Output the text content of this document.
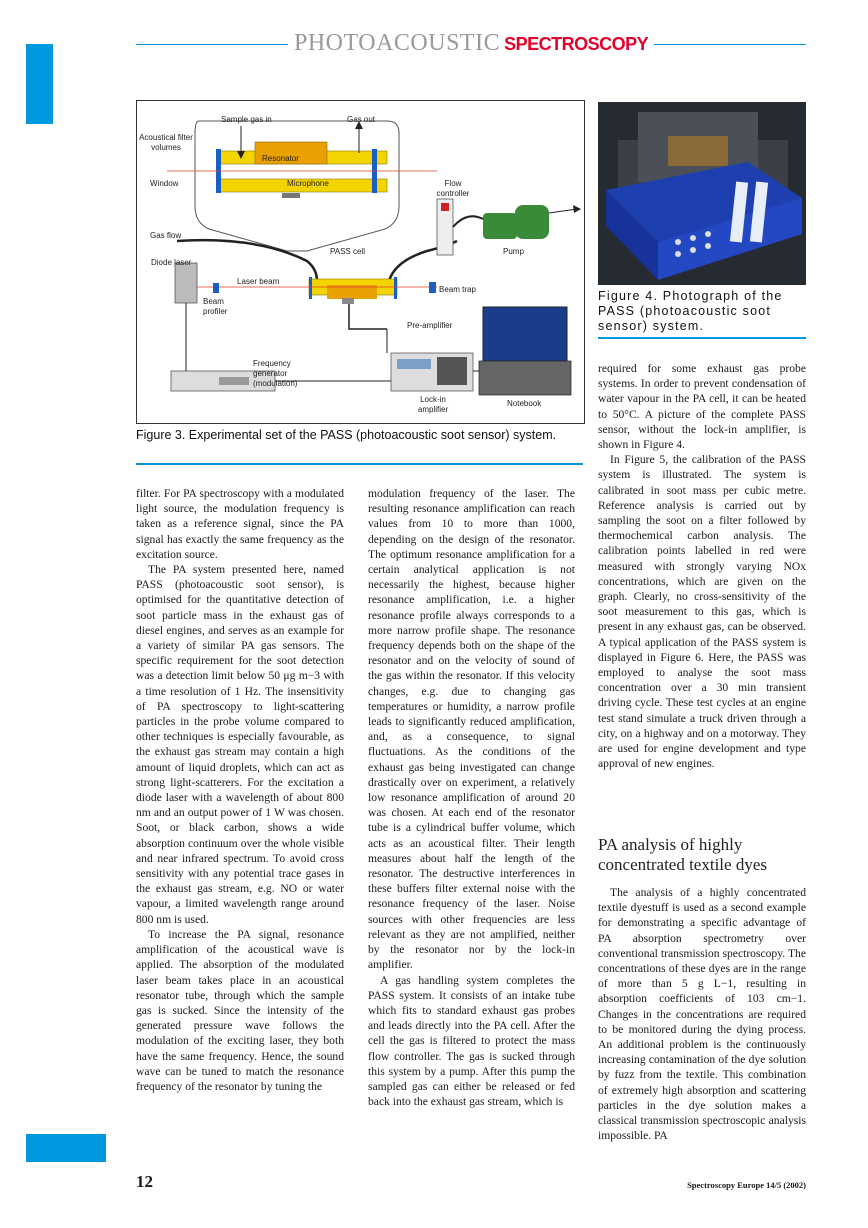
PHOTOACOUSTIC SPECTROSCOPY
Sample gas in	Gas out
Acoustical filter volumes
Resonator
Window	Microphone	Flow controller
Gas flow
PASS cell	Pump
Diode laser
Laser beam
Beam trap
Beam profiler
Pre-amplifier
Frequency generator (modulation)
Lock-in amplifier
Notebook
Figure 3. Experimental set of the PASS (photoacoustic soot sensor) system.
Figure 4. Photograph of the PASS (photoacoustic soot sensor) system.

filter. For PA spectroscopy with a modulated light source, the modulation frequency is taken as a reference signal, since the PA signal has exactly the same frequency as the excitation source.

The PA system presented here, named PASS (photoacoustic soot sensor), is optimised for the quantitative detection of soot particle mass in the exhaust gas of diesel engines, and serves as an example for a variety of similar PA gas sensors. The specific requirement for the soot detection was a detection limit below 50 μg m−3 with a time resolution of 1 Hz. The insensitivity of PA spectroscopy to light-scattering particles in the probe volume compared to other techniques is especially favourable, as the exhaust gas stream may contain a high amount of liquid droplets, which can act as strong light-scatterers. For the excitation a diode laser with a wavelength of about 800 nm and an output power of 1 W was chosen. Soot, or black carbon, shows a wide absorption continuum over the whole visible and near infrared spectrum. To avoid cross sensitivity with any potential trace gases in the exhaust gas stream, e.g. NO or water vapour, a limited wavelength range around 800 nm is used.

To increase the PA signal, resonance amplification of the acoustical wave is applied. The absorption of the modulated laser beam takes place in an acoustical resonator tube, through which the sample gas is sucked. Since the intensity of the generated pressure wave follows the modulation of the exciting laser, they both have the same frequency. Hence, the sound wave can be tuned to match the resonance frequency of the resonator by tuning the

modulation frequency of the laser. The resulting resonance amplification can reach values from 10 to more than 1000, depending on the design of the resonator. The optimum resonance amplification for a certain analytical application is not necessarily the highest, because higher resonance amplification, i.e. a higher resonance profile always corresponds to a more narrow profile shape. The resonance frequency depends both on the shape of the resonator and on the velocity of sound of the gas within the resonator. If this velocity changes, e.g. due to changing gas temperatures or humidity, a narrow profile leads to significantly reduced amplification, and, as a consequence, to signal fluctuations. As the conditions of the exhaust gas being investigated can change drastically over on experiment, a relatively low resonance amplification of around 20 was chosen. At each end of the resonator tube is a cylindrical buffer volume, which acts as an acoustical filter. Their length measures about half the length of the resonator. The destructive interferences in these buffers filter external noise with the resonance frequency of the laser. Noise sources with other frequencies are less relevant as they are not amplified, neither by the resonator nor by the lock-in amplifier.

A gas handling system completes the PASS system. It consists of an intake tube which fits to standard exhaust gas probes and leads directly into the PA cell. After the cell the gas is filtered to protect the mass flow controller. The gas is sucked through this system by a pump. After this pump the sampled gas can either be released or fed back into the exhaust gas stream, which is

required for some exhaust gas probe systems. In order to prevent condensation of water vapour in the PA cell, it can be heated to 50°C. A picture of the complete PASS sensor, without the lock-in amplifier, is shown in Figure 4.

In Figure 5, the calibration of the PASS system is illustrated. The system is calibrated in soot mass per cubic metre. Reference analysis is carried out by sampling the soot on a filter followed by thermochemical carbon analysis. The calibration points labelled in red were measured with strongly varying NOx concentrations, which are given on the graph. Clearly, no cross-sensitivity of the soot measurement to this gas, which is present in any exhaust gas, can be observed. A typical application of the PASS system is displayed in Figure 6. Here, the PASS was employed to analyse the soot mass concentration over a 30 min transient driving cycle. These test cycles at an engine test stand simulate a truck driven through a city, on a highway and on a motorway. They are used for engine development and type approval of new engines.

PA analysis of highly concentrated textile dyes

The analysis of a highly concentrated textile dyestuff is used as a second example for demonstrating a specific advantage of PA absorption spectrometry over conventional transmission spectroscopy. The concentrations of these dyes are in the range of more than 5 g L−1, resulting in absorption coefficients of 103 cm−1. Changes in the concentrations are required to be monitored during the dying process. An additional problem is the continuously increasing contamination of the dye solution by fuzz from the textile. This combination of extremely high absorption and scattering particles in the dye solution makes a classical transmission spectroscopic analysis impossible. PA

12	Spectroscopy Europe 14/5 (2002)
